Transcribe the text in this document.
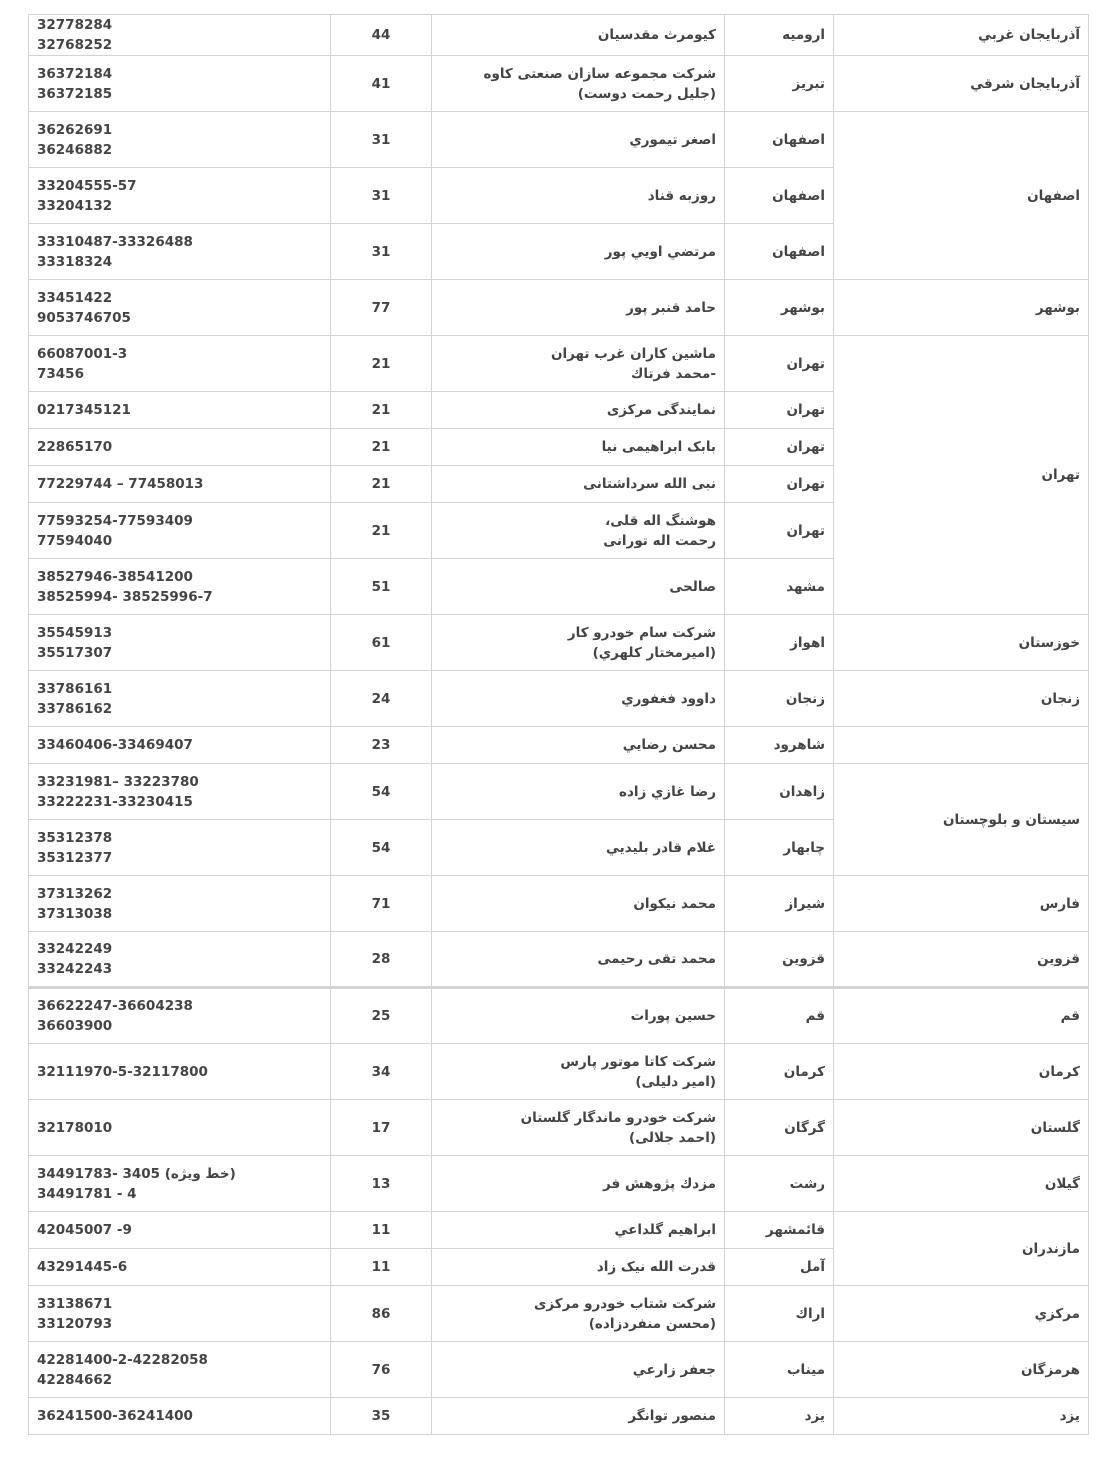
آذربايجان غربي	اروميه	کیومرث مقدسیان	44	32778284
32768252

آذربايجان شرقي	تبريز	شرکت مجموعه سازان صنعتی کاوه
(جلیل رحمت دوست)	41	36372184
36372185

اصفهان	اصفهان	اصغر تيموري	31	36262691
36246882

	اصفهان	روزبه قناد	31	33204555-57
33204132

	اصفهان	مرتضي اويي پور	31	33310487-33326488
33318324

بوشهر	بوشهر	حامد قنبر پور	77	33451422
9053746705

تهران	تهران	ماشين کاران غرب تهران
-محمد فرتاك	21	66087001-3
73456

	تهران	نمایندگی مرکزی	21	0217345121

	تهران	بابک ابراهیمی نیا	21	22865170

	تهران	نبی الله سرداشتانی	21	77229744 – 77458013

	تهران	هوشنگ اله قلی،
رحمت اله تورانی	21	77593254-77593409
77594040

	مشهد	صالحی	51	38527946-38541200
38525994- 38525996-7

خوزستان	اهواز	شركت سام خودرو كار
(اميرمختار كلهري)	61	35545913
35517307

زنجان	زنجان	داوود فغفوري	24	33786161
33786162

	شاهرود	محسن رضايي	23	33460406-33469407

سيستان و بلوچستان	زاهدان	رضا غازي زاده	54	33231981– 33223780
33222231-33230415

	چابهار	غلام قادر بليديي	54	35312378
35312377

فارس	شيراز	محمد نيكوان	71	37313262
37313038

قزوين	قزوين	محمد تقی رحیمی	28	33242249
33242243

قم	قم	حسين پورات	25	36622247-36604238
36603900

كرمان	كرمان	شرکت کاتا موتور پارس
(امیر دلیلی)	34	32111970-5-32117800

گلستان	گرگان	شرکت خودرو ماندگار گلستان
(احمد جلالی)	17	32178010

گيلان	رشت	مزدك پژوهش فر	13	34491783- 3405 (خط ویژه)
34491781 - 4

مازندران	قائمشهر	ابراهيم گلداعي	11	42045007 -9

	آمل	قدرت الله نیک زاد	11	43291445-6

مركزي	اراك	شرکت شتاب خودرو مرکزی
(محسن منفردزاده)	86	33138671
33120793

هرمزگان	ميناب	جعفر زارعي	76	42281400-2-42282058
42284662

يزد	يزد	منصور توانگر	35	36241500-36241400
